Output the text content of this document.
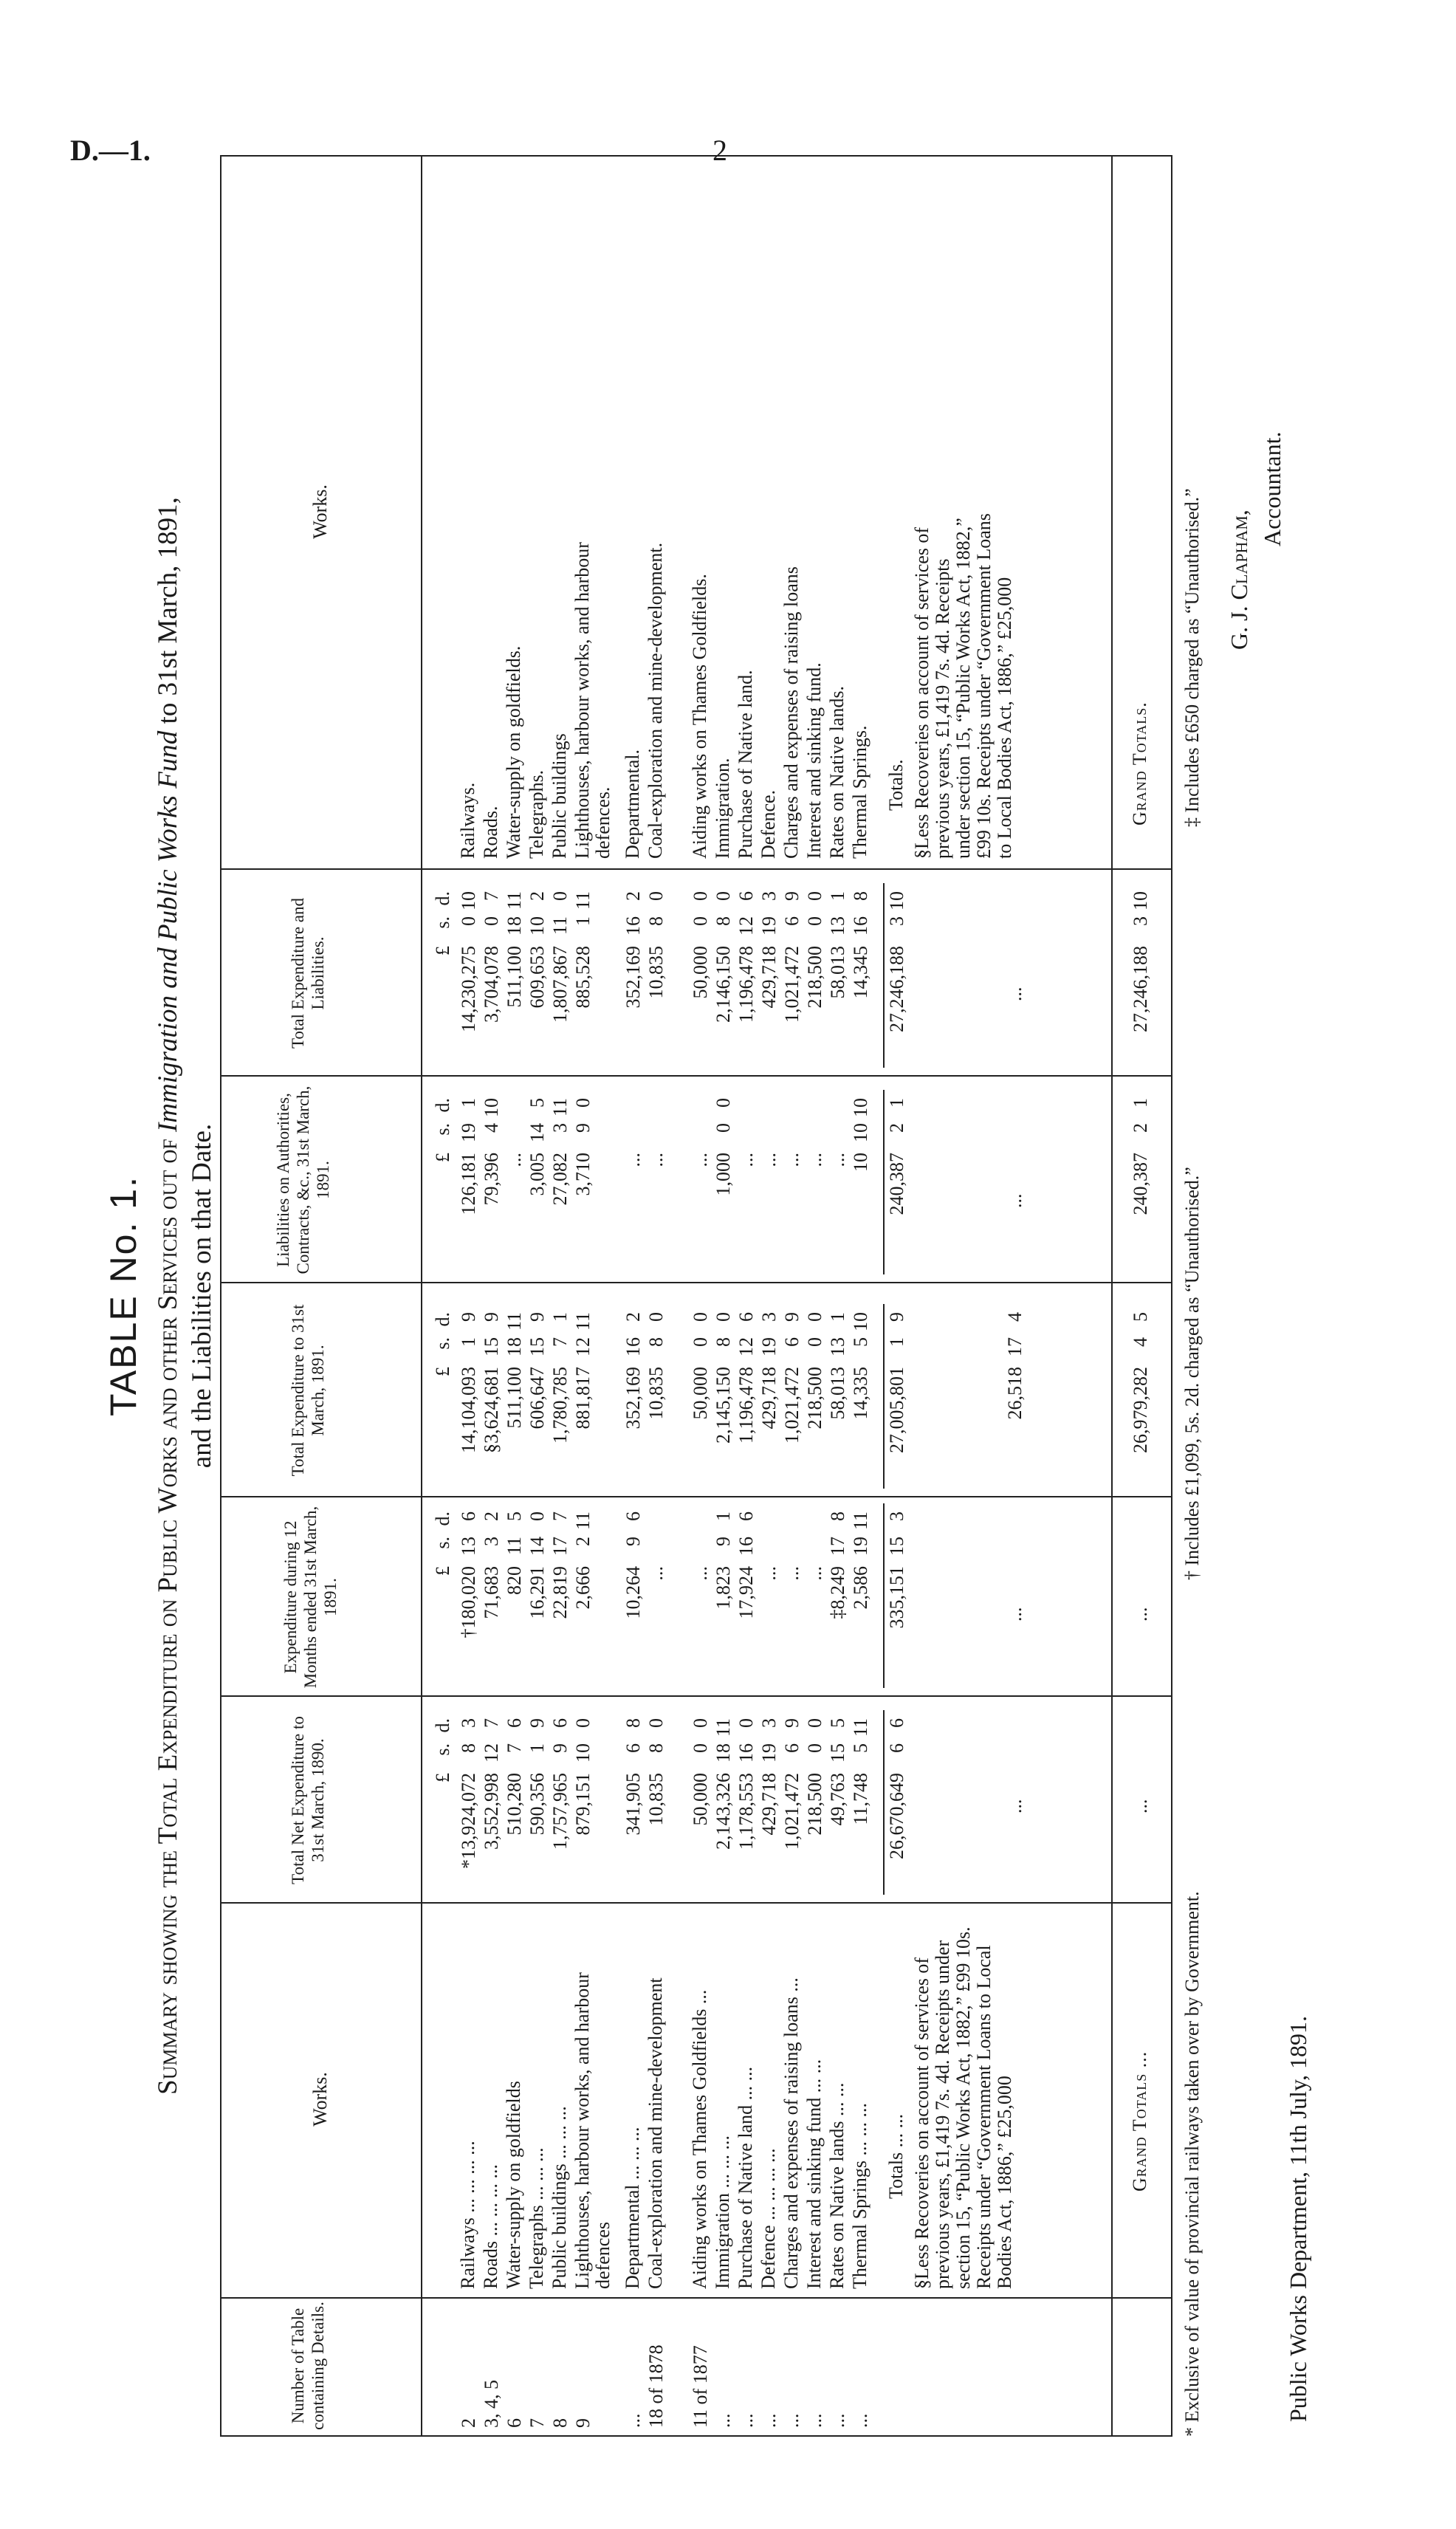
D.—1.	2
TABLE No. 1. Summary showing the Total Expenditure on Public Works and other Services out of Immigration and Public Works Fund to 31st March, 1891,
and the Liabilities on that Date.
Number of Table containing Details.
Works.
Total Net Expenditure to 31st March, 1890.
Expenditure during 12 Months ended 31st March, 1891.
Total Expenditure to 31st March, 1891.
Liabilities on Authorities, Contracts, &c., 31st March, 1891.
Total Expenditure and Liabilities.
Works.
£s.d.
£s.d.
£s.d.
£s.d.
£s.d.
2
Railways ... ... ... ...
*13,924,07283
†180,020136
14,104,09319
126,181191
14,230,275010
Railways.
3, 4, 5
Roads ... ... ... ...
3,552,998127
71,68332
§3,624,681159
79,396410
3,704,07807
Roads.
6
Water-supply on goldfields
510,28076
820115
511,1001811
...
511,1001811
Water-supply on goldfields.
7
Telegraphs ... ... ...
590,35619
16,291140
606,647159
3,005145
609,653102
Telegraphs.
8
Public buildings ... ... ...
1,757,96596
22,819177
1,780,78571
27,082311
1,807,867110
Public buildings
9
Lighthouses, harbour works, and harbour defences
879,151100
2,666211
881,8171211
3,71090
885,528111
Lighthouses, harbour works, and harbour defences.
...
Departmental ... ... ...
341,90568
10,26496
352,169162
...
352,169162
Departmental.
18 of 1878
Coal-exploration and mine-development
10,83580
...
10,83580
...
10,83580
Coal-exploration and mine-development.
11 of 1877
Aiding works on Thames Goldfields ...
50,00000
...
50,00000
...
50,00000
Aiding works on Thames Goldfields.
...
Immigration ... ... ...
2,143,3261811
1,82391
2,145,15080
1,00000
2,146,15080
Immigration.
...
Purchase of Native land ... ...
1,178,553160
17,924166
1,196,478126
...
1,196,478126
Purchase of Native land.
...
Defence ... ... ... ...
429,718193
...
429,718193
...
429,718193
Defence.
...
Charges and expenses of raising loans ...
1,021,47269
...
1,021,47269
...
1,021,47269
Charges and expenses of raising loans
...
Interest and sinking fund ... ...
218,50000
...
218,50000
...
218,50000
Interest and sinking fund.
...
Rates on Native lands ... ...
49,763155
‡8,249178
58,013131
...
58,013131
Rates on Native lands.
...
Thermal Springs ... ... ...
11,748511
2,5861911
14,335510
101010
14,345168
Thermal Springs.
Totals ... ...
26,670,64966
335,151153
27,005,80119
240,38721
27,246,188310
Totals.
§Less Recoveries on account of services of previous years, £1,419 7s. 4d. Receipts under section 15, “Public Works Act, 1882,” £99 10s. Receipts under “Government Loans to Local Bodies Act, 1886,” £25,000
§Less Recoveries on account of services of previous years, £1,419 7s. 4d. Receipts under section 15, “Public Works Act, 1882,” £99 10s. Receipts under “Government Loans to Local Bodies Act, 1886,” £25,000
26,518174
...
...
...
...
Grand Totals ...
...
...
26,979,28245
240,38721
27,246,188310
Grand Totals.
* Exclusive of value of provincial railways taken over by Government.
† Includes £1,099, 5s. 2d. charged as “Unauthorised.”
‡ Includes £650 charged as “Unauthorised.”
Public Works Department, 11th July, 1891.
G. J. Clapham,
Accountant.
